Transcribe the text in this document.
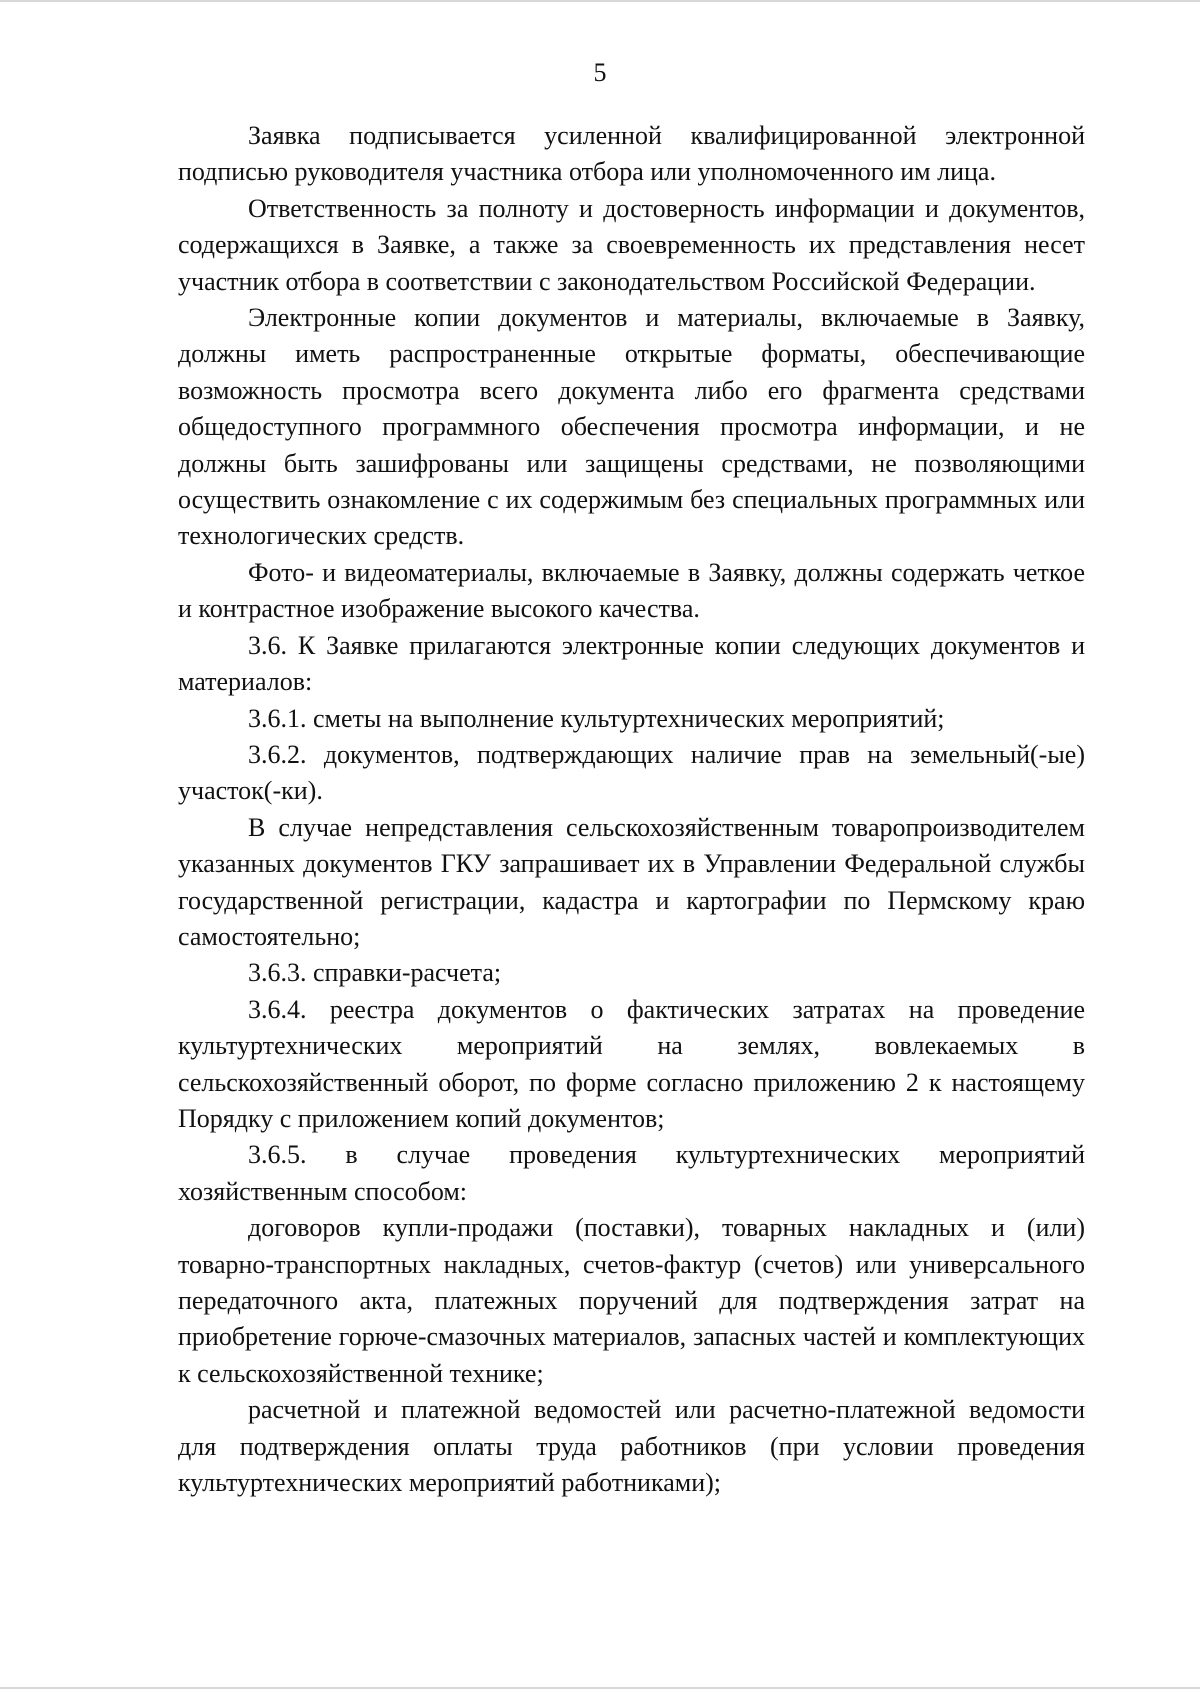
5

Заявка подписывается усиленной квалифицированной электронной подписью руководителя участника отбора или уполномоченного им лица.

Ответственность за полноту и достоверность информации и документов, содержащихся в Заявке, а также за своевременность их представления несет участник отбора в соответствии с законодательством Российской Федерации.

Электронные копии документов и материалы, включаемые в Заявку, должны иметь распространенные открытые форматы, обеспечивающие возможность просмотра всего документа либо его фрагмента средствами общедоступного программного обеспечения просмотра информации, и не должны быть зашифрованы или защищены средствами, не позволяющими осуществить ознакомление с их содержимым без специальных программных или технологических средств.

Фото- и видеоматериалы, включаемые в Заявку, должны содержать четкое и контрастное изображение высокого качества.

3.6. К Заявке прилагаются электронные копии следующих документов и материалов:

3.6.1. сметы на выполнение культуртехнических мероприятий;

3.6.2. документов, подтверждающих наличие прав на земельный(-ые) участок(-ки).

В случае непредставления сельскохозяйственным товаропроизводителем указанных документов ГКУ запрашивает их в Управлении Федеральной службы государственной регистрации, кадастра и картографии по Пермскому краю самостоятельно;

3.6.3. справки-расчета;

3.6.4. реестра документов о фактических затратах на проведение культуртехнических мероприятий на землях, вовлекаемых в сельскохозяйственный оборот, по форме согласно приложению 2 к настоящему Порядку с приложением копий документов;

3.6.5. в случае проведения культуртехнических мероприятий хозяйственным способом:

договоров купли-продажи (поставки), товарных накладных и (или) товарно-транспортных накладных, счетов-фактур (счетов) или универсального передаточного акта, платежных поручений для подтверждения затрат на приобретение горюче-смазочных материалов, запасных частей и комплектующих к сельскохозяйственной технике;

расчетной и платежной ведомостей или расчетно-платежной ведомости для подтверждения оплаты труда работников (при условии проведения культуртехнических мероприятий работниками);
